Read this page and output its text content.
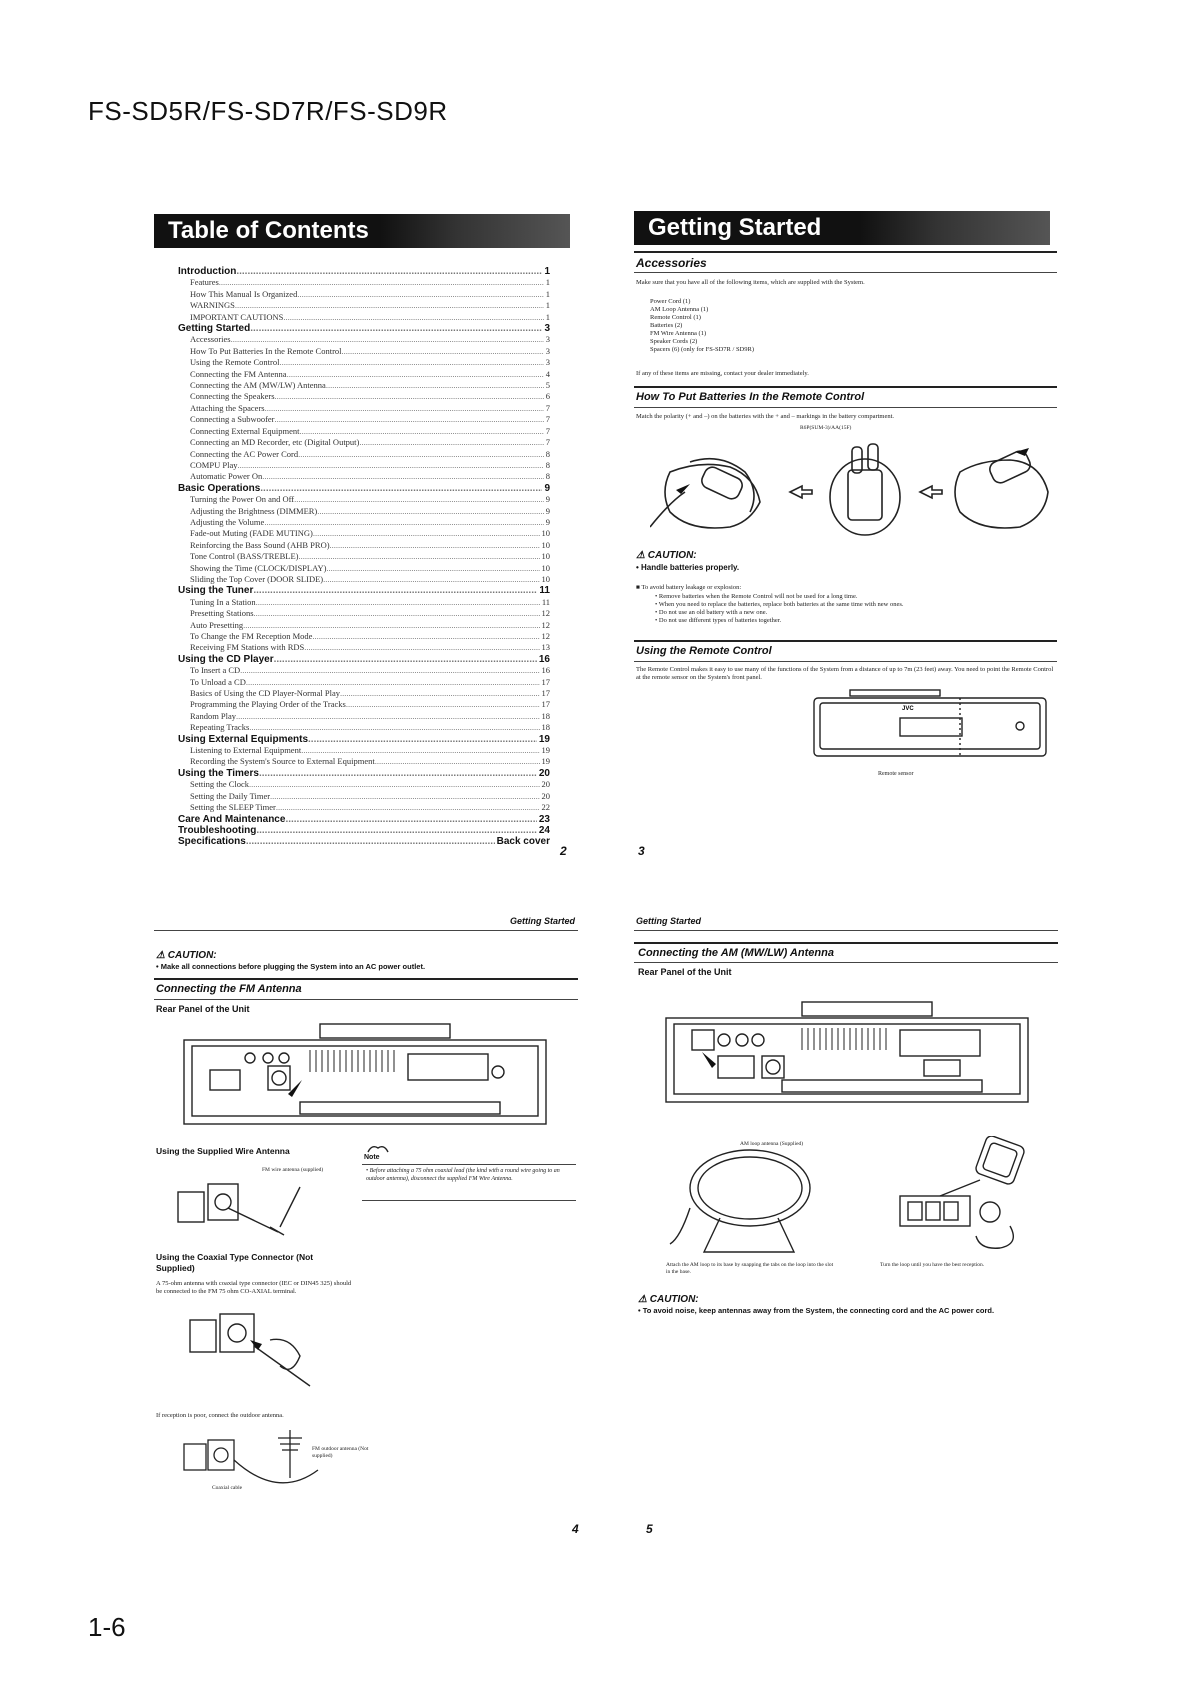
FS-SD5R/FS-SD7R/FS-SD9R
Table of Contents
Introduction .....	1
Features .....	1
How This Manual Is Organized .....	1
WARNINGS .....	1
IMPORTANT CAUTIONS .....	1
Getting Started .....	3
Accessories .....	3
How To Put Batteries In the Remote Control .....	3
Using the Remote Control .....	3
Connecting the FM Antenna .....	4
Connecting the AM (MW/LW) Antenna .....	5
Connecting the Speakers .....	6
Attaching the Spacers .....	7
Connecting a Subwoofer .....	7
Connecting External Equipment .....	7
Connecting an MD Recorder, etc (Digital Output) .....	7
Connecting the AC Power Cord .....	8
COMPU Play .....	8
Automatic Power On .....	8
Basic Operations .....	9
Turning the Power On and Off .....	9
Adjusting the Brightness (DIMMER) .....	9
Adjusting the Volume .....	9
Fade-out Muting (FADE MUTING) .....	10
Reinforcing the Bass Sound (AHB PRO) .....	10
Tone Control (BASS/TREBLE) .....	10
Showing the Time (CLOCK/DISPLAY) .....	10
Sliding the Top Cover (DOOR SLIDE) .....	10
Using the Tuner .....	11
Tuning In a Station .....	11
Presetting Stations .....	12
Auto Presetting .....	12
To Change the FM Reception Mode .....	12
Receiving FM Stations with RDS .....	13
Using the CD Player .....	16
To Insert a CD .....	16
To Unload a CD .....	17
Basics of Using the CD Player-Normal Play .....	17
Programming the Playing Order of the Tracks .....	17
Random Play .....	18
Repeating Tracks .....	18
Using External Equipments .....	19
Listening to External Equipment .....	19
Recording the System's Source to External Equipment .....	19
Using the Timers .....	20
Setting the Clock .....	20
Setting the Daily Timer .....	20
Setting the SLEEP Timer .....	22
Care And Maintenance .....	23
Troubleshooting .....	24
Specifications .....	Back cover
2
Getting Started
Accessories
Make sure that you have all of the following items, which are supplied with the System.
Power Cord (1)
AM Loop Antenna (1)
Remote Control (1)
Batteries (2)
FM Wire Antenna (1)
Speaker Cords (2)
Spacers (6) (only for FS-SD7R / SD9R)
If any of these items are missing, contact your dealer immediately.
How To Put Batteries In the Remote Control
Match the polarity (+ and –) on the batteries with the + and – markings in the battery compartment.
R6P(SUM-3)/AA(15F)
⚠ CAUTION:
• Handle batteries properly.
■ To avoid battery leakage or explosion:
• Remove batteries when the Remote Control will not be used for a long time.
• When you need to replace the batteries, replace both batteries at the same time with new ones.
• Do not use an old battery with a new one.
• Do not use different types of batteries together.
Using the Remote Control
The Remote Control makes it easy to use many of the functions of the System from a distance of up to 7m (23 feet) away. You need to point the Remote Control at the remote sensor on the System's front panel.
JVC
Remote sensor
3
Getting Started
⚠ CAUTION:
• Make all connections before plugging the System into an AC power outlet.
Connecting the FM Antenna
Rear Panel of the Unit
Using the Supplied Wire Antenna
FM wire antenna (supplied)
Note
• Before attaching a 75 ohm coaxial lead (the kind with a round wire going to an outdoor antenna), disconnect the supplied FM Wire Antenna.
Using the Coaxial Type Connector (Not Supplied)
A 75-ohm antenna with coaxial type connector (IEC or DIN45 325) should be connected to the FM 75 ohm CO-AXIAL terminal.
If reception is poor, connect the outdoor antenna.
FM outdoor antenna (Not supplied)
Coaxial cable
4
Getting Started
Connecting the AM (MW/LW) Antenna
Rear Panel of the Unit
AM loop antenna (Supplied)
Attach the AM loop to its base by snapping the tabs on the loop into the slot in the base.
Turn the loop until you have the best reception.
⚠ CAUTION:
• To avoid noise, keep antennas away from the System, the connecting cord and the AC power cord.
5
1-6
